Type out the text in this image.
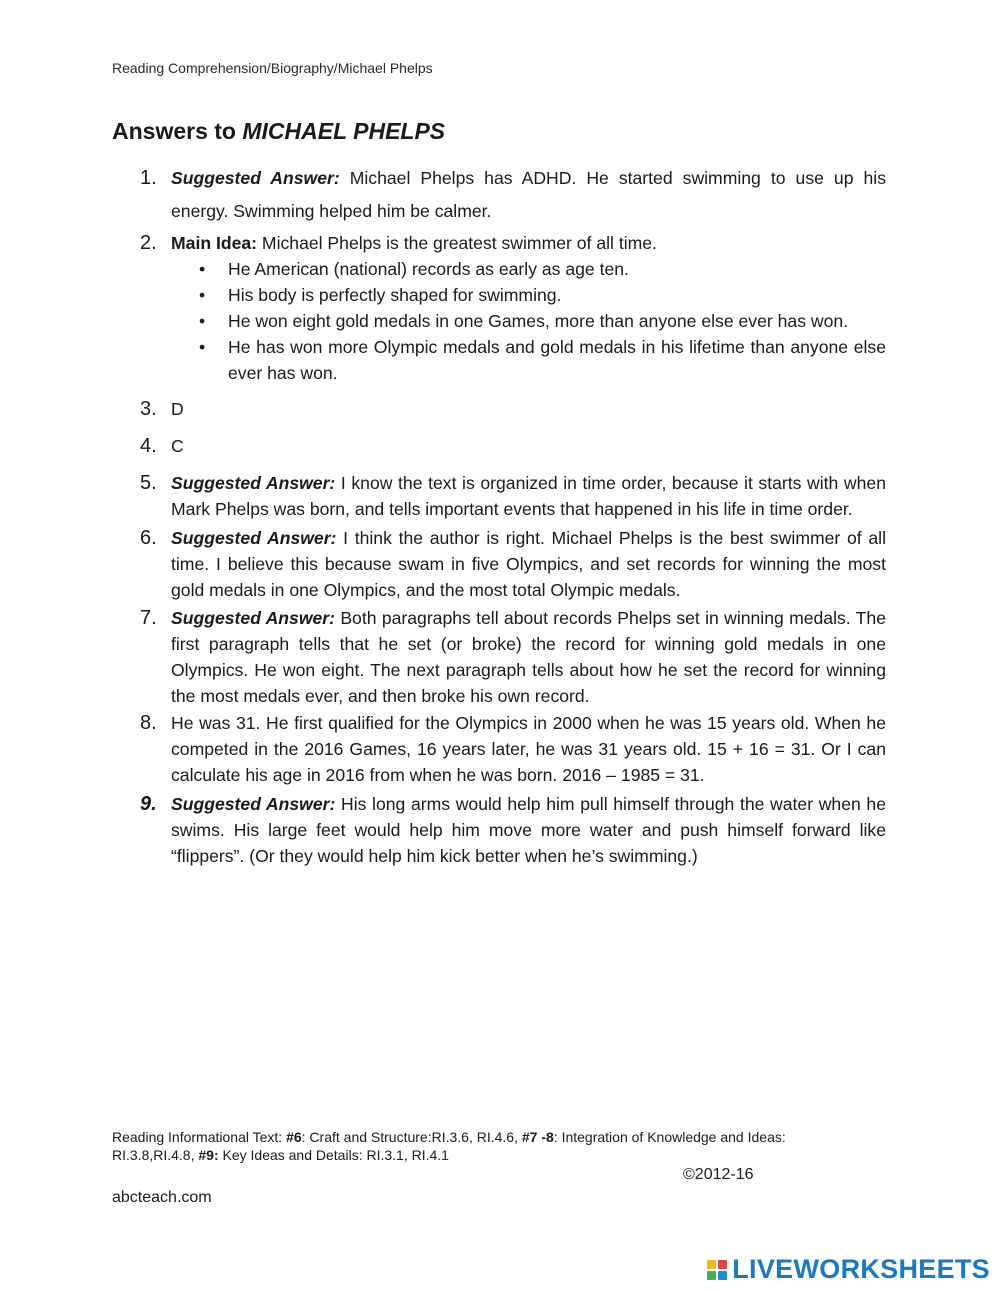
Reading Comprehension/Biography/Michael Phelps
Answers to MICHAEL PHELPS
1. Suggested Answer: Michael Phelps has ADHD. He started swimming to use up his energy. Swimming helped him be calmer.
2. Main Idea: Michael Phelps is the greatest swimmer of all time.
• He American (national) records as early as age ten.
• His body is perfectly shaped for swimming.
• He won eight gold medals in one Games, more than anyone else ever has won.
• He has won more Olympic medals and gold medals in his lifetime than anyone else ever has won.
3. D
4. C
5. Suggested Answer: I know the text is organized in time order, because it starts with when Mark Phelps was born, and tells important events that happened in his life in time order.
6. Suggested Answer: I think the author is right. Michael Phelps is the best swimmer of all time. I believe this because swam in five Olympics, and set records for winning the most gold medals in one Olympics, and the most total Olympic medals.
7. Suggested Answer: Both paragraphs tell about records Phelps set in winning medals. The first paragraph tells that he set (or broke) the record for winning gold medals in one Olympics. He won eight. The next paragraph tells about how he set the record for winning the most medals ever, and then broke his own record.
8. He was 31. He first qualified for the Olympics in 2000 when he was 15 years old. When he competed in the 2016 Games, 16 years later, he was 31 years old. 15 + 16 = 31. Or I can calculate his age in 2016 from when he was born. 2016 – 1985 = 31.
9. Suggested Answer: His long arms would help him pull himself through the water when he swims. His large feet would help him move more water and push himself forward like “flippers”. (Or they would help him kick better when he’s swimming.)
Reading Informational Text: #6: Craft and Structure:RI.3.6, RI.4.6, #7 -8: Integration of Knowledge and Ideas: RI.3.8,RI.4.8, #9: Key Ideas and Details: RI.3.1, RI.4.1
©2012-16
abcteach.com
LIVEWORKSHEETS
